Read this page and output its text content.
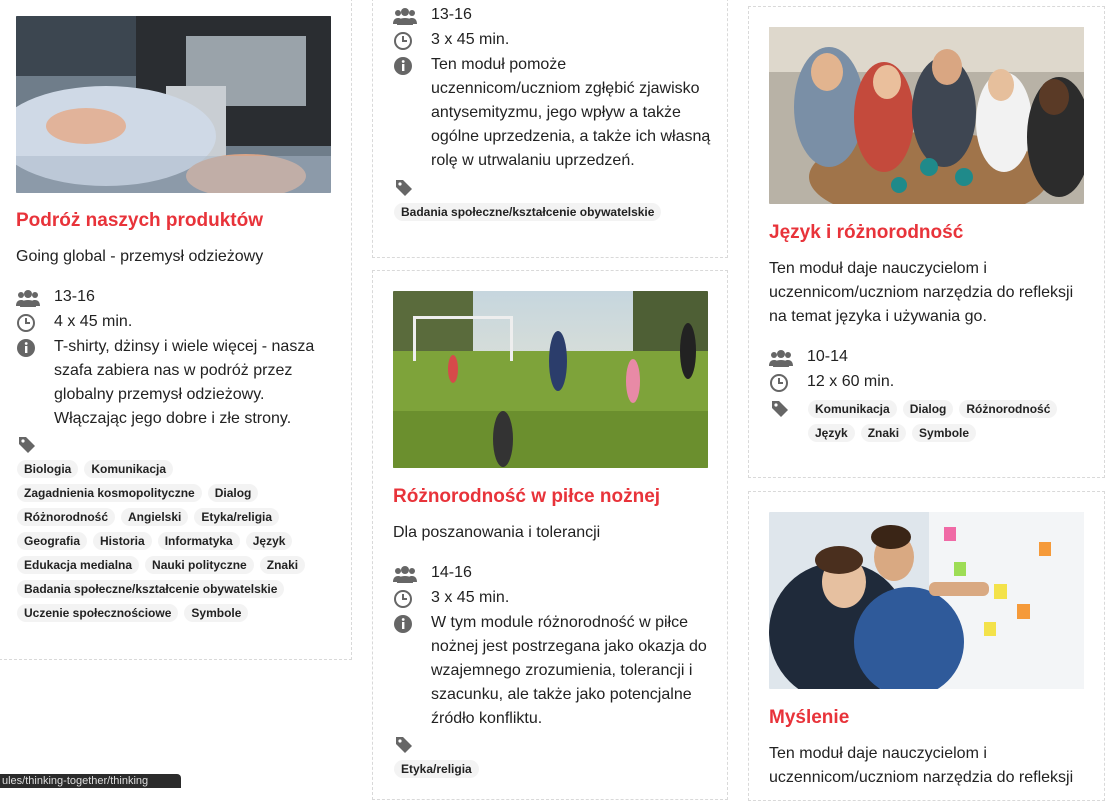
Podróż naszych produktów
Going global - przemysł odzieżowy
13-16
4 x 45 min.
T-shirty, dżinsy i wiele więcej - nasza szafa zabiera nas w podróż przez globalny przemysł odzieżowy. Włączając jego dobre i złe strony.
Biologia	Komunikacja
Zagadnienia kosmopolityczne	Dialog
Różnorodność	Angielski	Etyka/religia
Geografia	Historia	Informatyka	Język
Edukacja medialna	Nauki polityczne	Znaki
Badania społeczne/kształcenie obywatelskie
Uczenie społecznościowe	Symbole
13-16
3 x 45 min.
Ten moduł pomoże uczennicom/uczniom zgłębić zjawisko antysemityzmu, jego wpływ a także ogólne uprzedzenia, a także ich własną rolę w utrwalaniu uprzedzeń.
Badania społeczne/kształcenie obywatelskie
Różnorodność w piłce nożnej
Dla poszanowania i tolerancji
14-16
3 x 45 min.
W tym module różnorodność w piłce nożnej jest postrzegana jako okazja do wzajemnego zrozumienia, tolerancji i szacunku, ale także jako potencjalne źródło konfliktu.
Etyka/religia
Język i różnorodność
Ten moduł daje nauczycielom i uczennicom/uczniom narzędzia do refleksji na temat języka i używania go.
10-14
12 x 60 min.
Komunikacja	Dialog	Różnorodność
Język	Znaki	Symbole
Myślenie
Ten moduł daje nauczycielom i uczennicom/uczniom narzędzia do refleksji
ules/thinking-together/thinking
